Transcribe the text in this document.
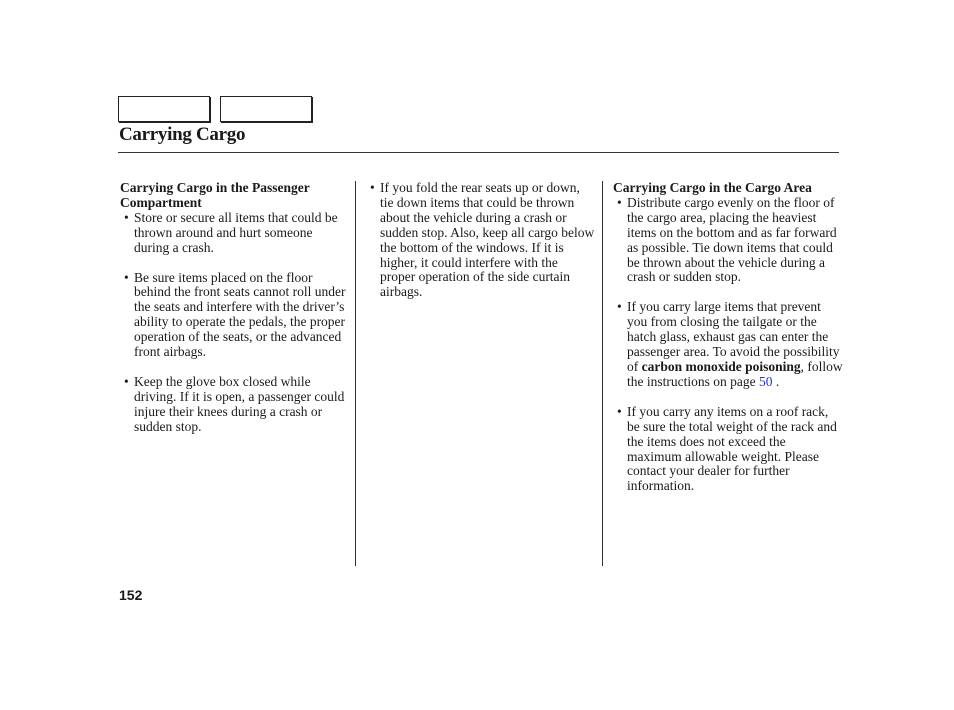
Carrying Cargo

Carrying Cargo in the Passenger Compartment

• Store or secure all items that could be thrown around and hurt someone during a crash.

• Be sure items placed on the floor behind the front seats cannot roll under the seats and interfere with the driver’s ability to operate the pedals, the proper operation of the seats, or the advanced front airbags.

• Keep the glove box closed while driving. If it is open, a passenger could injure their knees during a crash or sudden stop.

• If you fold the rear seats up or down, tie down items that could be thrown about the vehicle during a crash or sudden stop. Also, keep all cargo below the bottom of the windows. If it is higher, it could interfere with the proper operation of the side curtain airbags.

Carrying Cargo in the Cargo Area

• Distribute cargo evenly on the floor of the cargo area, placing the heaviest items on the bottom and as far forward as possible. Tie down items that could be thrown about the vehicle during a crash or sudden stop.

• If you carry large items that prevent you from closing the tailgate or the hatch glass, exhaust gas can enter the passenger area. To avoid the possibility of carbon monoxide poisoning, follow the instructions on page 50 .

• If you carry any items on a roof rack, be sure the total weight of the rack and the items does not exceed the maximum allowable weight. Please contact your dealer for further information.

152
